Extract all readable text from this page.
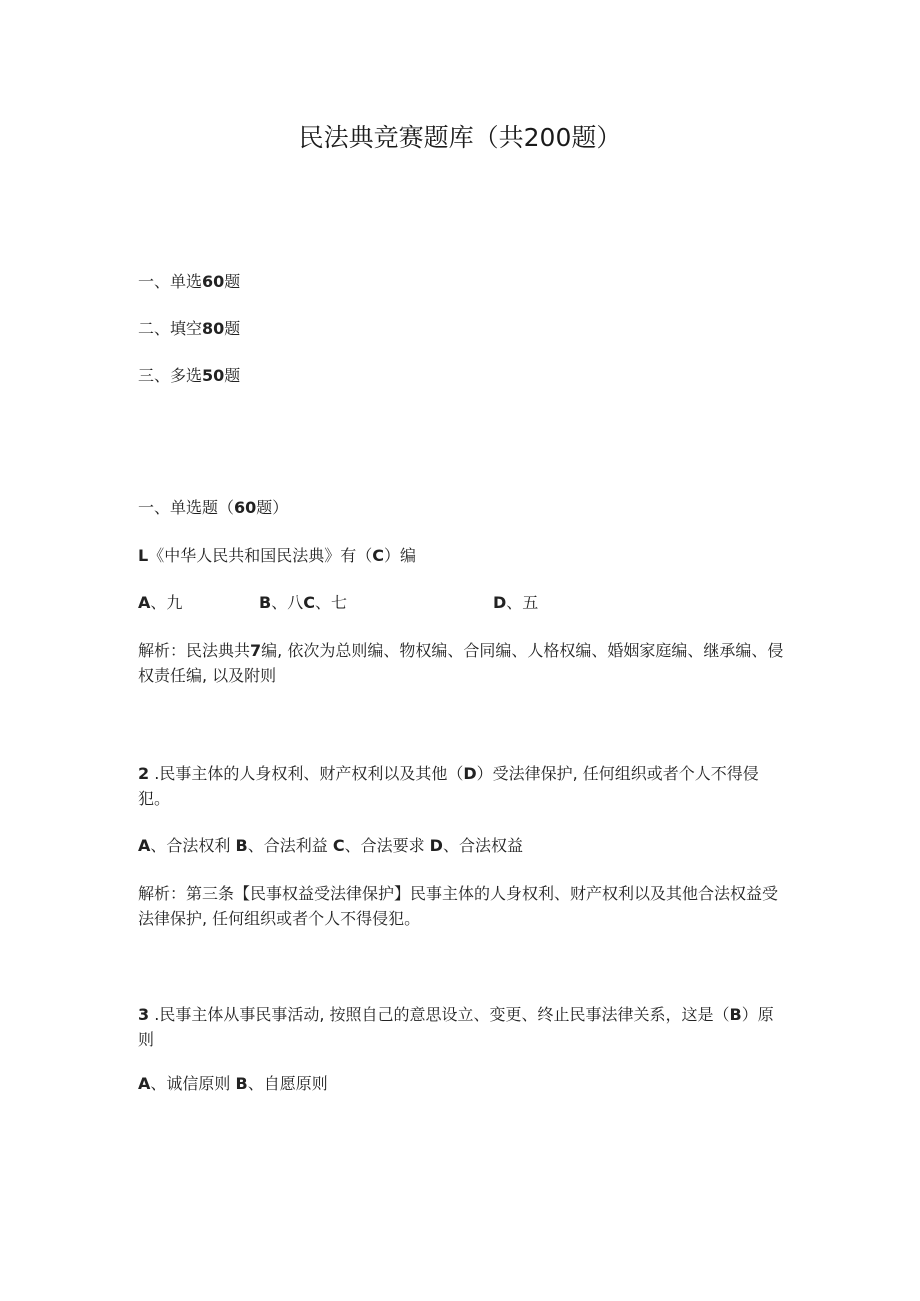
民法典竞赛题库（共200题）
一、单选60题
二、填空80题
三、多选50题
一、单选题（60题）
L《中华人民共和国民法典》有（C）编
A、九	B、八C、七	D、五
解析：民法典共7编, 依次为总则编、物权编、合同编、人格权编、婚姻家庭编、继承编、侵权责任编, 以及附则
2 .民事主体的人身权利、财产权利以及其他（D）受法律保护, 任何组织或者个人不得侵犯。
A、合法权利 B、合法利益 C、合法要求 D、合法权益
解析：第三条【民事权益受法律保护】民事主体的人身权利、财产权利以及其他合法权益受法律保护, 任何组织或者个人不得侵犯。
3 .民事主体从事民事活动, 按照自己的意思设立、变更、终止民事法律关系，这是（B）原则
A、诚信原则 B、自愿原则
